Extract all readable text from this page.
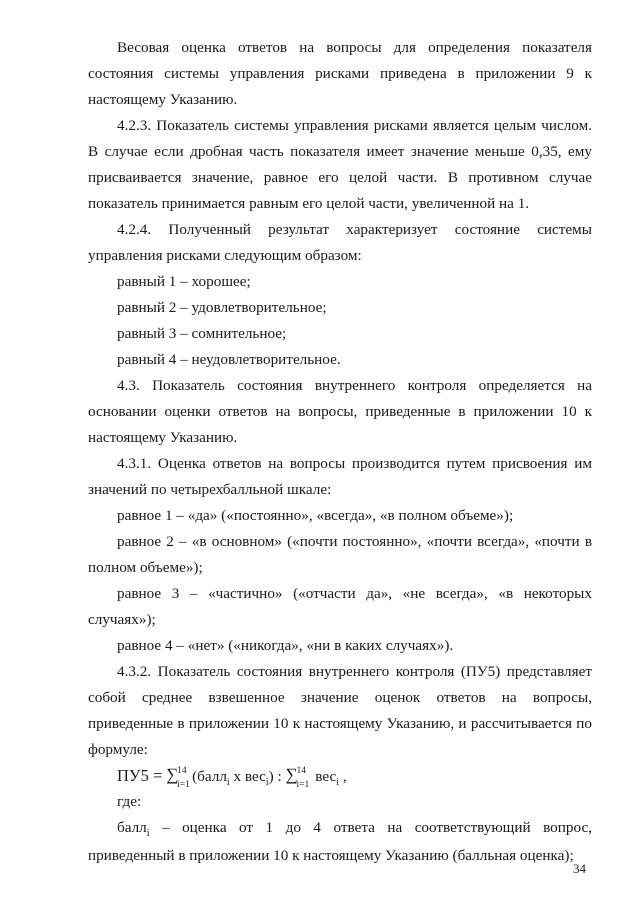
Весовая оценка ответов на вопросы для определения показателя состояния системы управления рисками приведена в приложении 9 к настоящему Указанию.

4.2.3. Показатель системы управления рисками является целым числом. В случае если дробная часть показателя имеет значение меньше 0,35, ему присваивается значение, равное его целой части. В противном случае показатель принимается равным его целой части, увеличенной на 1.

4.2.4. Полученный результат характеризует состояние системы управления рисками следующим образом:

равный 1 – хорошее;

равный 2 – удовлетворительное;

равный 3 – сомнительное;

равный 4 – неудовлетворительное.

4.3. Показатель состояния внутреннего контроля определяется на основании оценки ответов на вопросы, приведенные в приложении 10 к настоящему Указанию.

4.3.1. Оценка ответов на вопросы производится путем присвоения им значений по четырехбалльной шкале:

равное 1 – «да» («постоянно», «всегда», «в полном объеме»);

равное 2 – «в основном» («почти постоянно», «почти всегда», «почти в полном объеме»);

равное 3 – «частично» («отчасти да», «не всегда», «в некоторых случаях»);

равное 4 – «нет» («никогда», «ни в каких случаях»).

4.3.2. Показатель состояния внутреннего контроля (ПУ5) представляет собой среднее взвешенное значение оценок ответов на вопросы, приведенные в приложении 10 к настоящему Указанию, и рассчитывается по формуле:

ПУ5 = ∑
14
i=1 (балл$_i$ x вес$_i$) : ∑
14
i=1 вес$_i$ ,

где:

балл$_i$ – оценка от 1 до 4 ответа на соответствующий вопрос, приведенный в приложении 10 к настоящему Указанию (балльная оценка);

34
